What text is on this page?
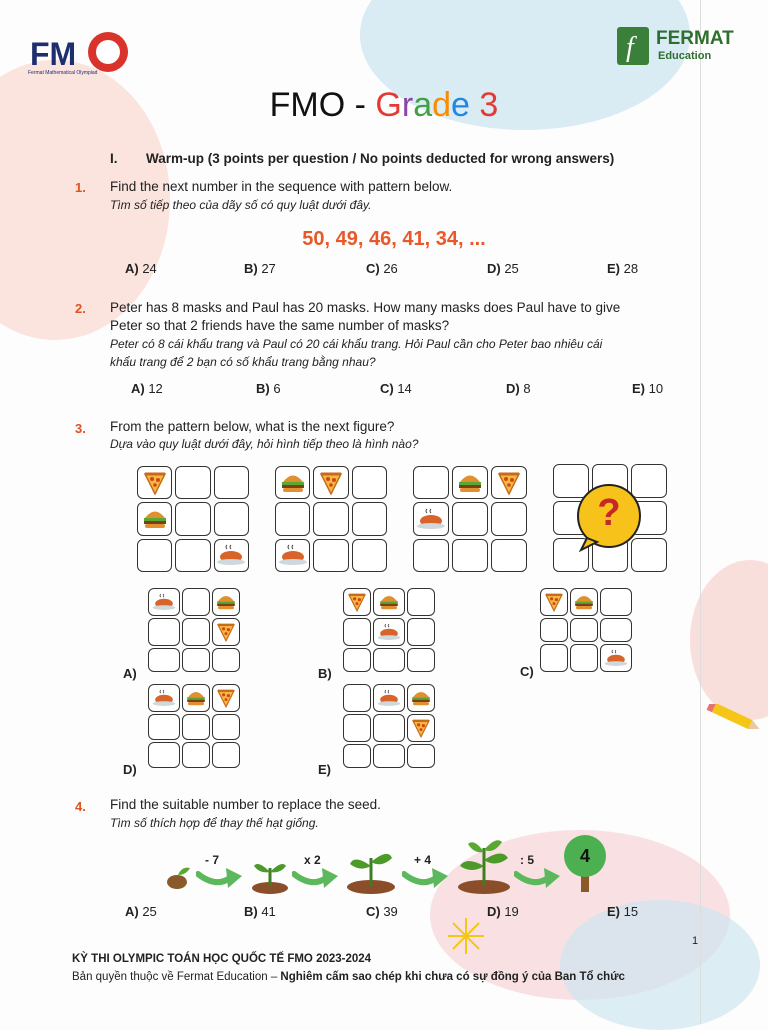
FM
Fermat Mathematical Olympiad
f FERMAT
Education
FMO - Grade 3
I. Warm-up (3 points per question / No points deducted for wrong answers)
1. Find the next number in the sequence with pattern below.
Tìm số tiếp theo của dãy số có quy luật dưới đây.
50, 49, 46, 41, 34, ...
A) 24	B) 27	C) 26	D) 25	E) 28
2. Peter has 8 masks and Paul has 20 masks. How many masks does Paul have to give
Peter so that 2 friends have the same number of masks?
Peter có 8 cái khẩu trang và Paul có 20 cái khẩu trang. Hỏi Paul cần cho Peter bao nhiêu cái
khẩu trang để 2 bạn có số khẩu trang bằng nhau?
A) 12	B) 6	C) 14	D) 8	E) 10
3. From the pattern below, what is the next figure?
Dựa vào quy luật dưới đây, hỏi hình tiếp theo là hình nào?
?
A)	B)	C)
D)	E)
4. Find the suitable number to replace the seed.
Tìm số thích hợp để thay thế hạt giống.
4
- 7	x 2	+ 4	: 5
A) 25	B) 41	C) 39	D) 19	E) 15
1
KỲ THI OLYMPIC TOÁN HỌC QUỐC TẾ FMO 2023-2024
Bản quyền thuộc về Fermat Education – Nghiêm cấm sao chép khi chưa có sự đồng ý của Ban Tổ chức
